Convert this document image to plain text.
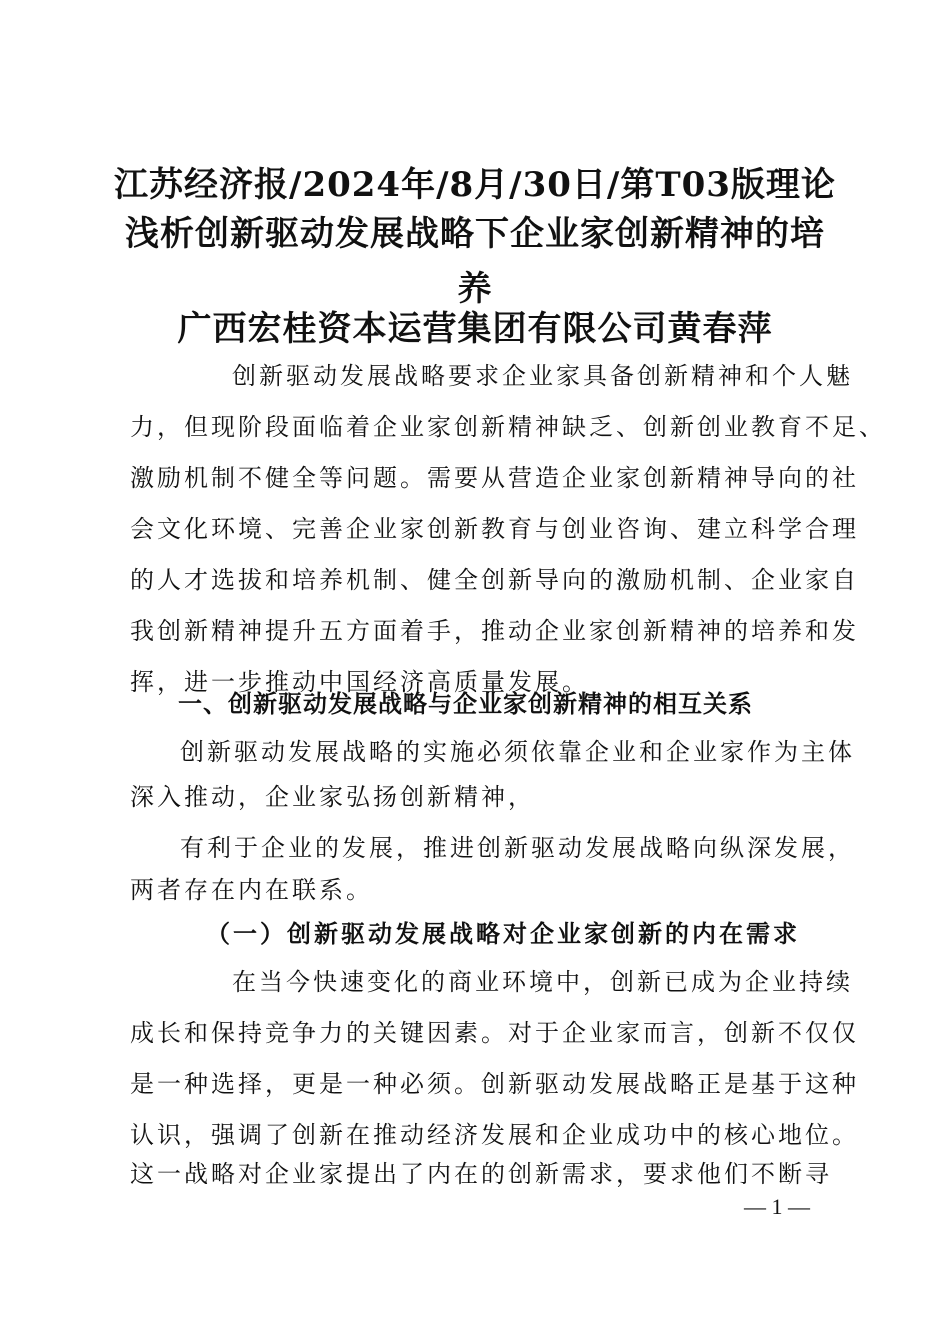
江苏经济报/2024年/8月/30日/第T03版理论
浅析创新驱动发展战略下企业家创新精神的培
养
广西宏桂资本运营集团有限公司黄春萍

创新驱动发展战略要求企业家具备创新精神和个人魅

力，但现阶段面临着企业家创新精神缺乏、创新创业教育不足、

激励机制不健全等问题。需要从营造企业家创新精神导向的社

会文化环境、完善企业家创新教育与创业咨询、建立科学合理

的人才选拔和培养机制、健全创新导向的激励机制、企业家自

我创新精神提升五方面着手，推动企业家创新精神的培养和发

挥，进一步推动中国经济高质量发展。

一、创新驱动发展战略与企业家创新精神的相互关系

创新驱动发展战略的实施必须依靠企业和企业家作为主体

深入推动，企业家弘扬创新精神，

有利于企业的发展，推进创新驱动发展战略向纵深发展，

两者存在内在联系。

（一）创新驱动发展战略对企业家创新的内在需求

在当今快速变化的商业环境中，创新已成为企业持续

成长和保持竞争力的关键因素。对于企业家而言，创新不仅仅

是一种选择，更是一种必须。创新驱动发展战略正是基于这种

认识，强调了创新在推动经济发展和企业成功中的核心地位。

这一战略对企业家提出了内在的创新需求，要求他们不断寻

— 1 —
